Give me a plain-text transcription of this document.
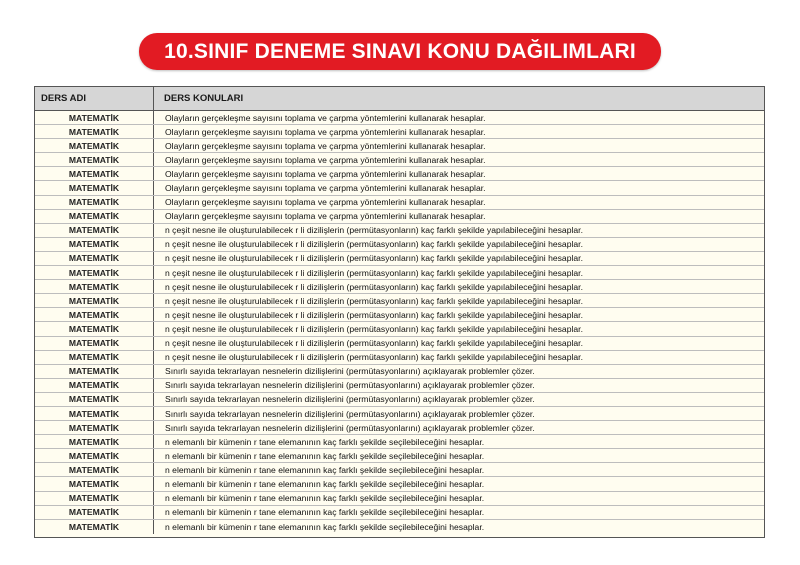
10.SINIF DENEME SINAVI KONU DAĞILIMLARI
DERS ADI	DERS KONULARI
MATEMATİK	Olayların gerçekleşme sayısını toplama ve çarpma yöntemlerini kullanarak hesaplar.
MATEMATİK	Olayların gerçekleşme sayısını toplama ve çarpma yöntemlerini kullanarak hesaplar.
MATEMATİK	Olayların gerçekleşme sayısını toplama ve çarpma yöntemlerini kullanarak hesaplar.
MATEMATİK	Olayların gerçekleşme sayısını toplama ve çarpma yöntemlerini kullanarak hesaplar.
MATEMATİK	Olayların gerçekleşme sayısını toplama ve çarpma yöntemlerini kullanarak hesaplar.
MATEMATİK	Olayların gerçekleşme sayısını toplama ve çarpma yöntemlerini kullanarak hesaplar.
MATEMATİK	Olayların gerçekleşme sayısını toplama ve çarpma yöntemlerini kullanarak hesaplar.
MATEMATİK	Olayların gerçekleşme sayısını toplama ve çarpma yöntemlerini kullanarak hesaplar.
MATEMATİK	n çeşit nesne ile oluşturulabilecek r li dizilişlerin (permütasyonların) kaç farklı şekilde yapılabileceğini hesaplar.
MATEMATİK	n çeşit nesne ile oluşturulabilecek r li dizilişlerin (permütasyonların) kaç farklı şekilde yapılabileceğini hesaplar.
MATEMATİK	n çeşit nesne ile oluşturulabilecek r li dizilişlerin (permütasyonların) kaç farklı şekilde yapılabileceğini hesaplar.
MATEMATİK	n çeşit nesne ile oluşturulabilecek r li dizilişlerin (permütasyonların) kaç farklı şekilde yapılabileceğini hesaplar.
MATEMATİK	n çeşit nesne ile oluşturulabilecek r li dizilişlerin (permütasyonların) kaç farklı şekilde yapılabileceğini hesaplar.
MATEMATİK	n çeşit nesne ile oluşturulabilecek r li dizilişlerin (permütasyonların) kaç farklı şekilde yapılabileceğini hesaplar.
MATEMATİK	n çeşit nesne ile oluşturulabilecek r li dizilişlerin (permütasyonların) kaç farklı şekilde yapılabileceğini hesaplar.
MATEMATİK	n çeşit nesne ile oluşturulabilecek r li dizilişlerin (permütasyonların) kaç farklı şekilde yapılabileceğini hesaplar.
MATEMATİK	n çeşit nesne ile oluşturulabilecek r li dizilişlerin (permütasyonların) kaç farklı şekilde yapılabileceğini hesaplar.
MATEMATİK	n çeşit nesne ile oluşturulabilecek r li dizilişlerin (permütasyonların) kaç farklı şekilde yapılabileceğini hesaplar.
MATEMATİK	Sınırlı sayıda tekrarlayan nesnelerin dizilişlerini (permütasyonlarını) açıklayarak problemler çözer.
MATEMATİK	Sınırlı sayıda tekrarlayan nesnelerin dizilişlerini (permütasyonlarını) açıklayarak problemler çözer.
MATEMATİK	Sınırlı sayıda tekrarlayan nesnelerin dizilişlerini (permütasyonlarını) açıklayarak problemler çözer.
MATEMATİK	Sınırlı sayıda tekrarlayan nesnelerin dizilişlerini (permütasyonlarını) açıklayarak problemler çözer.
MATEMATİK	Sınırlı sayıda tekrarlayan nesnelerin dizilişlerini (permütasyonlarını) açıklayarak problemler çözer.
MATEMATİK	n elemanlı bir kümenin r tane elemanının kaç farklı şekilde seçilebileceğini hesaplar.
MATEMATİK	n elemanlı bir kümenin r tane elemanının kaç farklı şekilde seçilebileceğini hesaplar.
MATEMATİK	n elemanlı bir kümenin r tane elemanının kaç farklı şekilde seçilebileceğini hesaplar.
MATEMATİK	n elemanlı bir kümenin r tane elemanının kaç farklı şekilde seçilebileceğini hesaplar.
MATEMATİK	n elemanlı bir kümenin r tane elemanının kaç farklı şekilde seçilebileceğini hesaplar.
MATEMATİK	n elemanlı bir kümenin r tane elemanının kaç farklı şekilde seçilebileceğini hesaplar.
MATEMATİK	n elemanlı bir kümenin r tane elemanının kaç farklı şekilde seçilebileceğini hesaplar.
